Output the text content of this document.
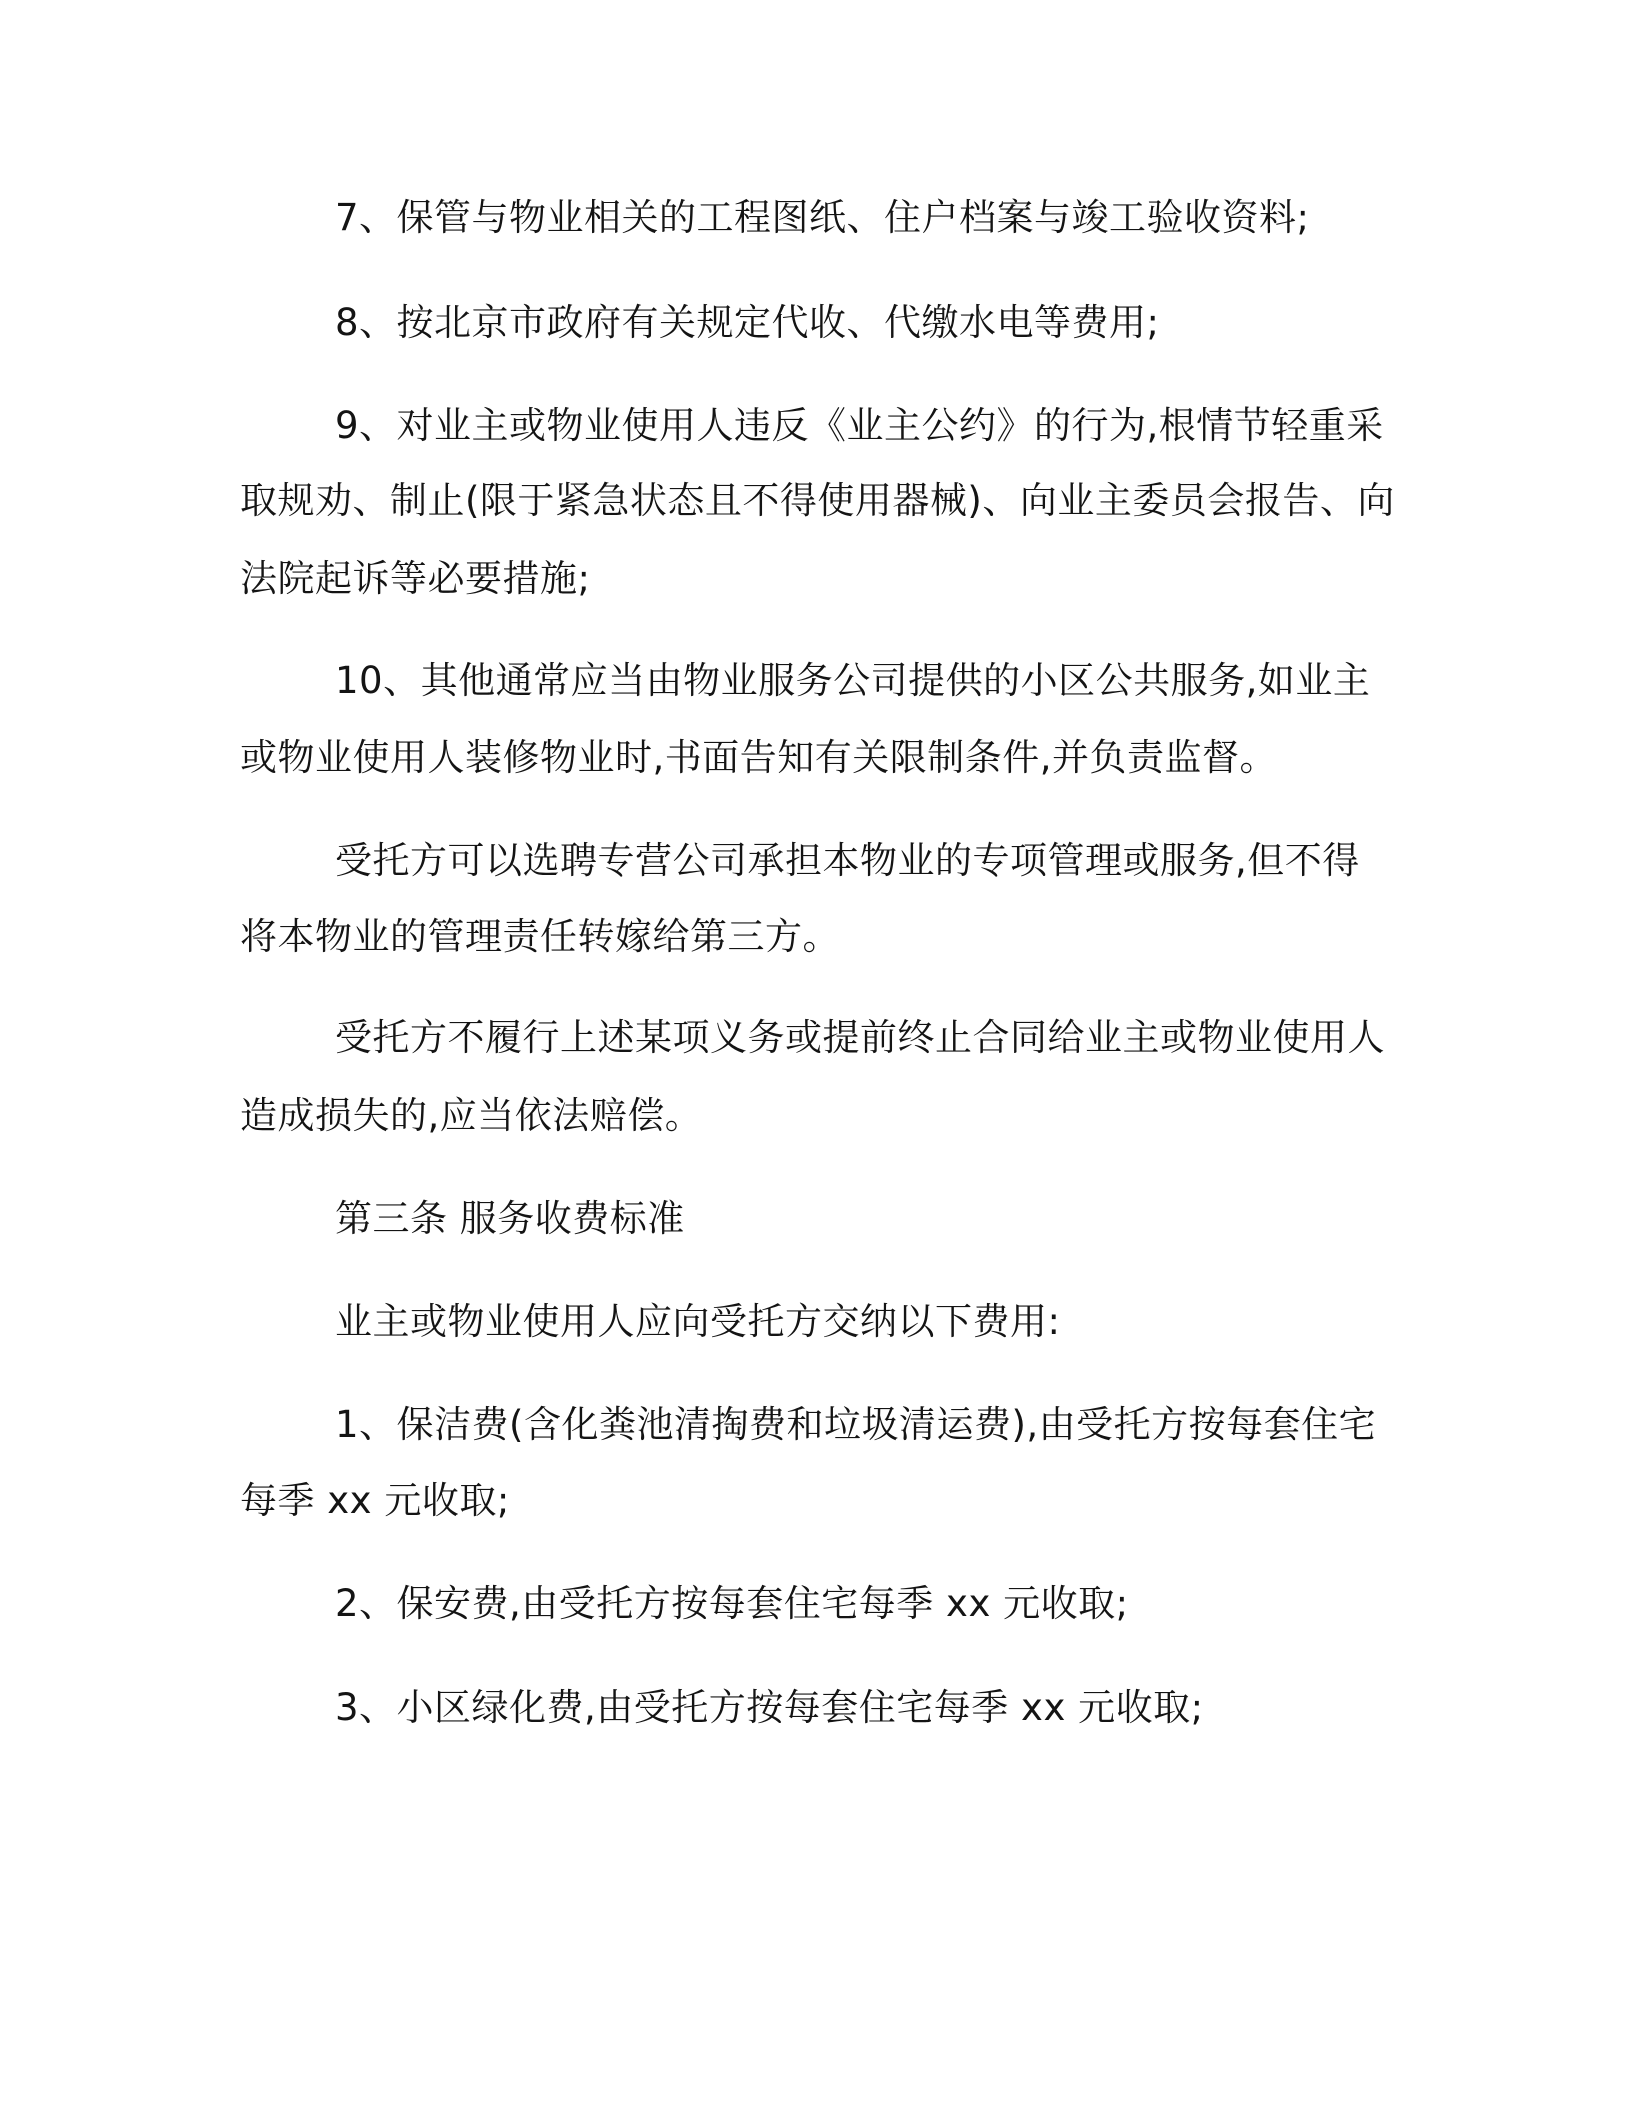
7、保管与物业相关的工程图纸、住户档案与竣工验收资料;
8、按北京市政府有关规定代收、代缴水电等费用;
9、对业主或物业使用人违反《业主公约》的行为,根情节轻重采
取规劝、制止(限于紧急状态且不得使用器械)、向业主委员会报告、向
法院起诉等必要措施;
10、其他通常应当由物业服务公司提供的小区公共服务,如业主
或物业使用人装修物业时,书面告知有关限制条件,并负责监督。
受托方可以选聘专营公司承担本物业的专项管理或服务,但不得
将本物业的管理责任转嫁给第三方。
受托方不履行上述某项义务或提前终止合同给业主或物业使用人
造成损失的,应当依法赔偿。
第三条 服务收费标准
业主或物业使用人应向受托方交纳以下费用:
1、保洁费(含化粪池清掏费和垃圾清运费),由受托方按每套住宅
每季 xx 元收取;
2、保安费,由受托方按每套住宅每季 xx 元收取;
3、小区绿化费,由受托方按每套住宅每季 xx 元收取;
